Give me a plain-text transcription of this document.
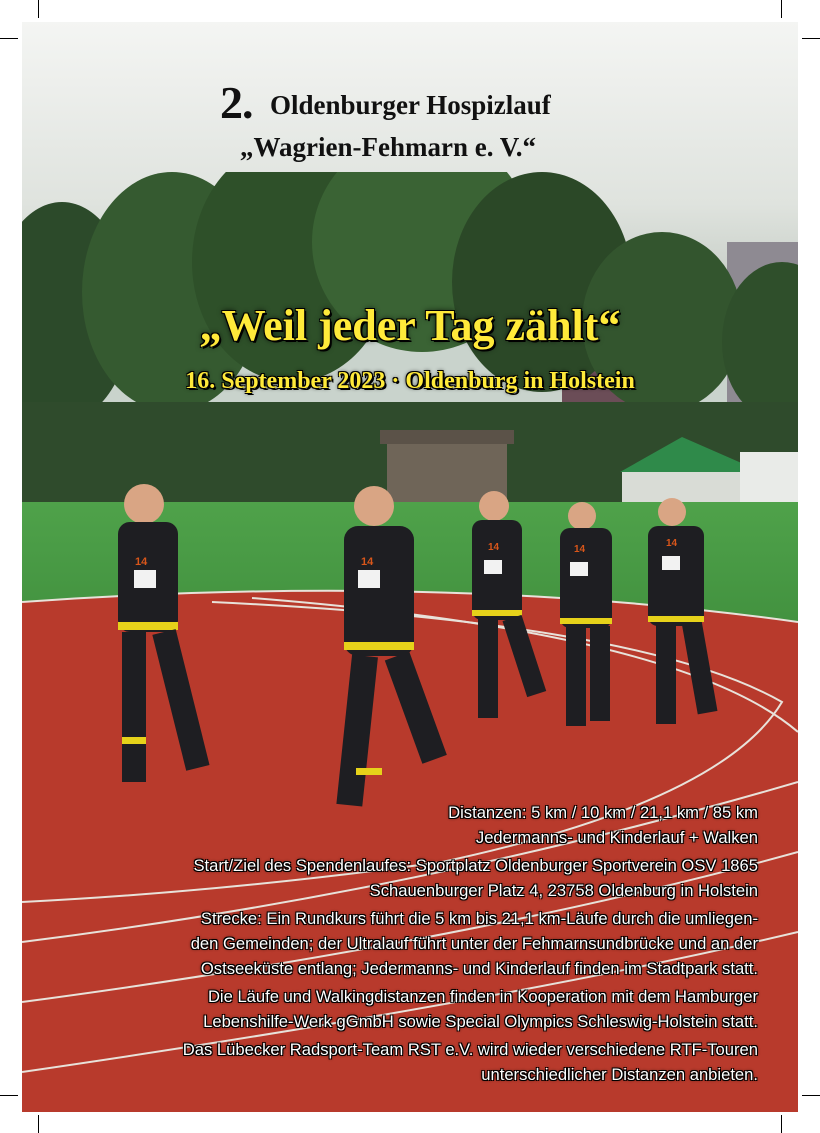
14	14
14	14
14
2. Oldenburger Hospizlauf
„Wagrien-Fehmarn e. V.“
„Weil jeder Tag zählt“
16. September 2023 · Oldenburg in Holstein
Distanzen: 5 km / 10 km / 21,1 km / 85 km
Jedermanns- und Kinderlauf + Walken
Start/Ziel des Spendenlaufes: Sportplatz Oldenburger Sportverein OSV 1865
Schauenburger Platz 4, 23758 Oldenburg in Holstein
Strecke: Ein Rundkurs führt die 5 km bis 21,1 km-Läufe durch die umliegen-
den Gemeinden; der Ultralauf führt unter der Fehmarnsundbrücke und an der
Ostseeküste entlang; Jedermanns- und Kinderlauf finden im Stadtpark statt.
Die Läufe und Walkingdistanzen finden in Kooperation mit dem Hamburger
Lebenshilfe-Werk gGmbH sowie Special Olympics Schleswig-Holstein statt.
Das Lübecker Radsport-Team RST e.V. wird wieder verschiedene RTF-Touren
unterschiedlicher Distanzen anbieten.
